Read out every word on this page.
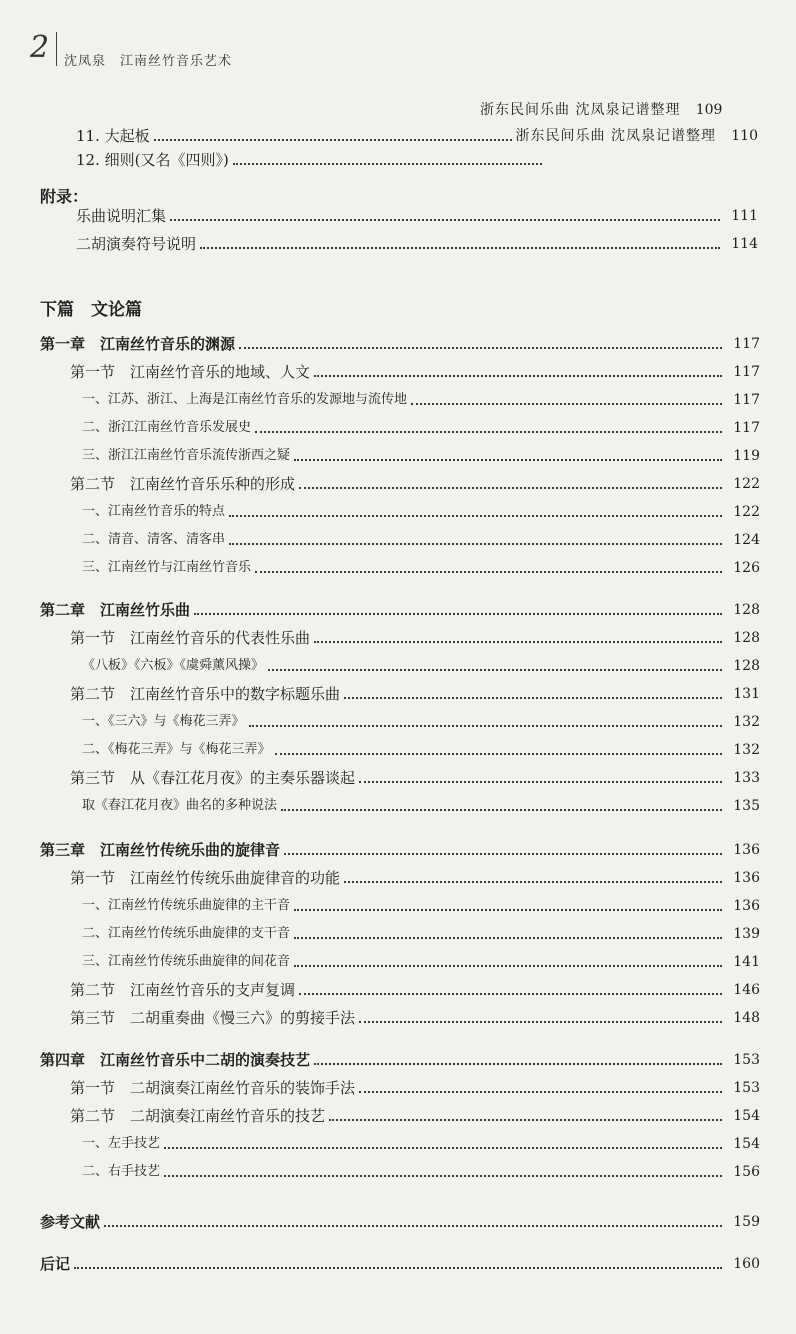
2 沈凤泉　江南丝竹音乐艺术
浙东民间乐曲 沈凤泉记谱整理	109
11. 大起板	浙东民间乐曲 沈凤泉记谱整理	110
12. 细则(又名《四则》)
附录：
乐曲说明汇集	111
二胡演奏符号说明	114
下篇　文论篇
第一章　江南丝竹音乐的渊源	117
第一节　江南丝竹音乐的地域、人文	117
一、江苏、浙江、上海是江南丝竹音乐的发源地与流传地	117
二、浙江江南丝竹音乐发展史	117
三、浙江江南丝竹音乐流传浙西之疑	119
第二节　江南丝竹音乐乐种的形成	122
一、江南丝竹音乐的特点	122
二、清音、清客、清客串	124
三、江南丝竹与江南丝竹音乐	126
第二章　江南丝竹乐曲	128
第一节　江南丝竹音乐的代表性乐曲	128
《八板》《六板》《虞舜薰风操》	128
第二节　江南丝竹音乐中的数字标题乐曲	131
一、《三六》与《梅花三弄》	132
二、《梅花三弄》与《梅花三弄》	132
第三节　从《春江花月夜》的主奏乐器谈起	133
取《春江花月夜》曲名的多种说法	135
第三章　江南丝竹传统乐曲的旋律音	136
第一节　江南丝竹传统乐曲旋律音的功能	136
一、江南丝竹传统乐曲旋律的主干音	136
二、江南丝竹传统乐曲旋律的支干音	139
三、江南丝竹传统乐曲旋律的间花音	141
第二节　江南丝竹音乐的支声复调	146
第三节　二胡重奏曲《慢三六》的剪接手法	148
第四章　江南丝竹音乐中二胡的演奏技艺	153
第一节　二胡演奏江南丝竹音乐的装饰手法	153
第二节　二胡演奏江南丝竹音乐的技艺	154
一、左手技艺	154
二、右手技艺	156
参考文献	159
后记	160
